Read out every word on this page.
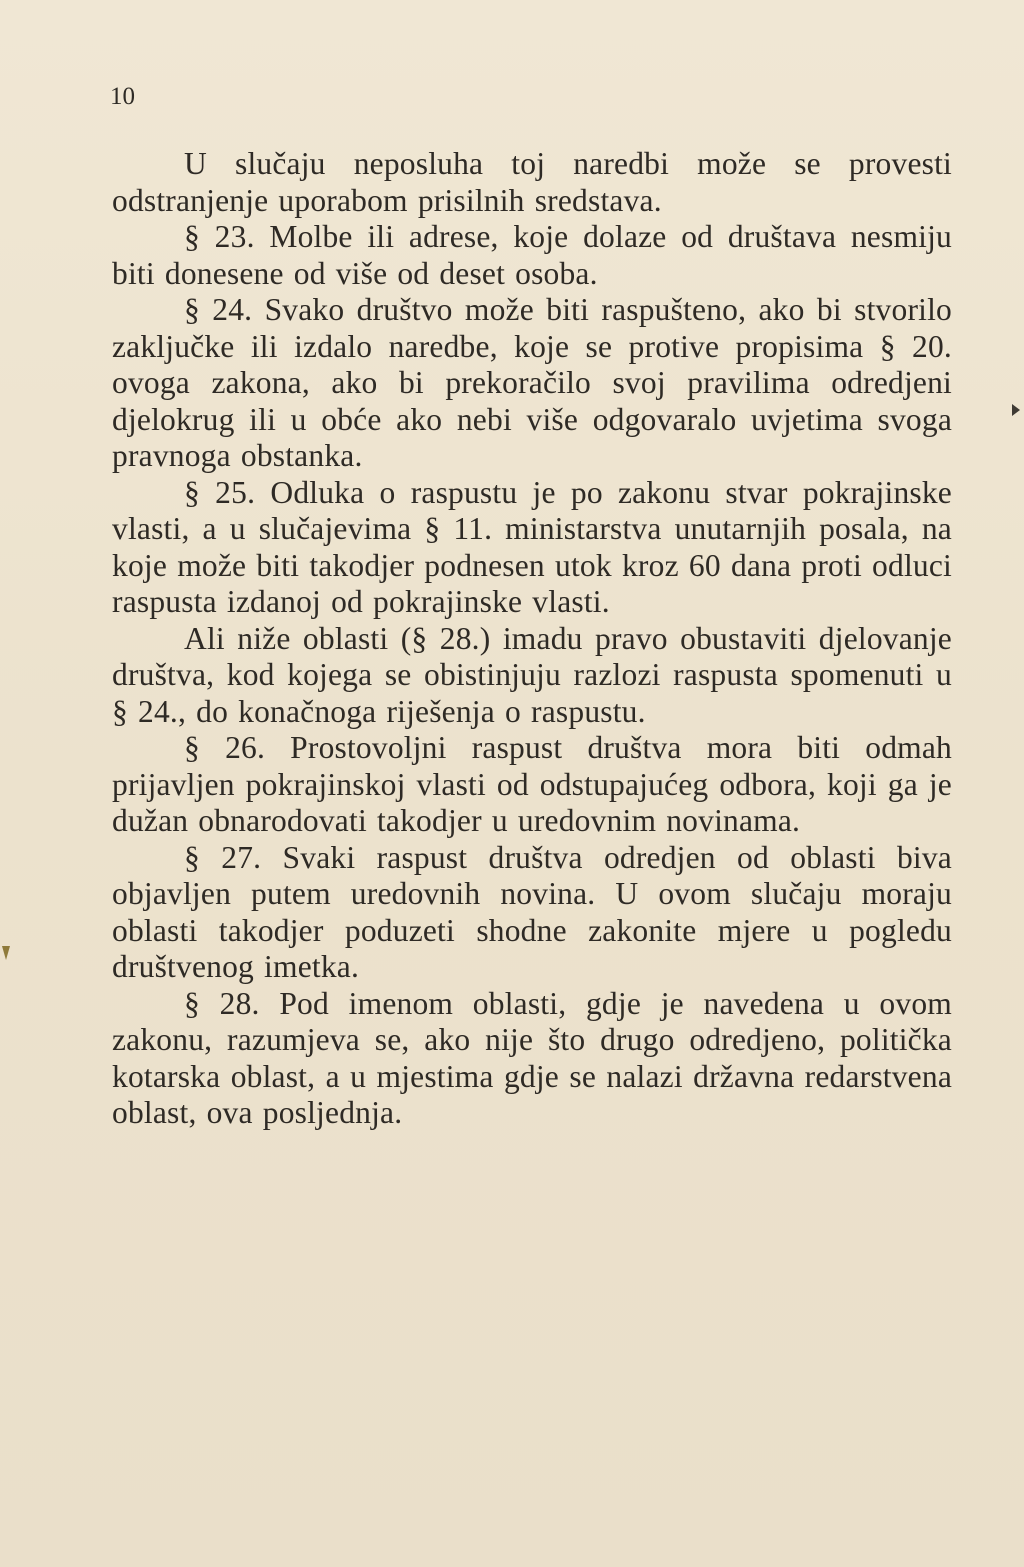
10

U slučaju neposluha toj naredbi može se provesti odstranjenje uporabom prisilnih sredstava.

§ 23. Molbe ili adrese, koje dolaze od društava nesmiju biti donesene od više od deset osoba.

§ 24. Svako društvo može biti raspušteno, ako bi stvorilo zaključke ili izdalo naredbe, koje se protive propisima § 20. ovoga zakona, ako bi prekoračilo svoj pravilima odredjeni djelokrug ili u obće ako nebi više odgovaralo uvjetima svoga pravnoga obstanka.

§ 25. Odluka o raspustu je po zakonu stvar pokrajinske vlasti, a u slučajevima § 11. ministarstva unutarnjih posala, na koje može biti takodjer podnesen utok kroz 60 dana proti odluci raspusta izdanoj od pokrajinske vlasti.

Ali niže oblasti (§ 28.) imadu pravo obustaviti djelovanje društva, kod kojega se obistinjuju razlozi raspusta spomenuti u § 24., do konačnoga riješenja o raspustu.

§ 26. Prostovoljni raspust društva mora biti odmah prijavljen pokrajinskoj vlasti od odstupajućeg odbora, koji ga je dužan obnarodovati takodjer u uredovnim novinama.

§ 27. Svaki raspust društva odredjen od oblasti biva objavljen putem uredovnih novina. U ovom slučaju moraju oblasti takodjer poduzeti shodne zakonite mjere u pogledu društvenog imetka.

§ 28. Pod imenom oblasti, gdje je navedena u ovom zakonu, razumjeva se, ako nije što drugo odredjeno, politička kotarska oblast, a u mjestima gdje se nalazi državna redarstvena oblast, ova posljednja.
